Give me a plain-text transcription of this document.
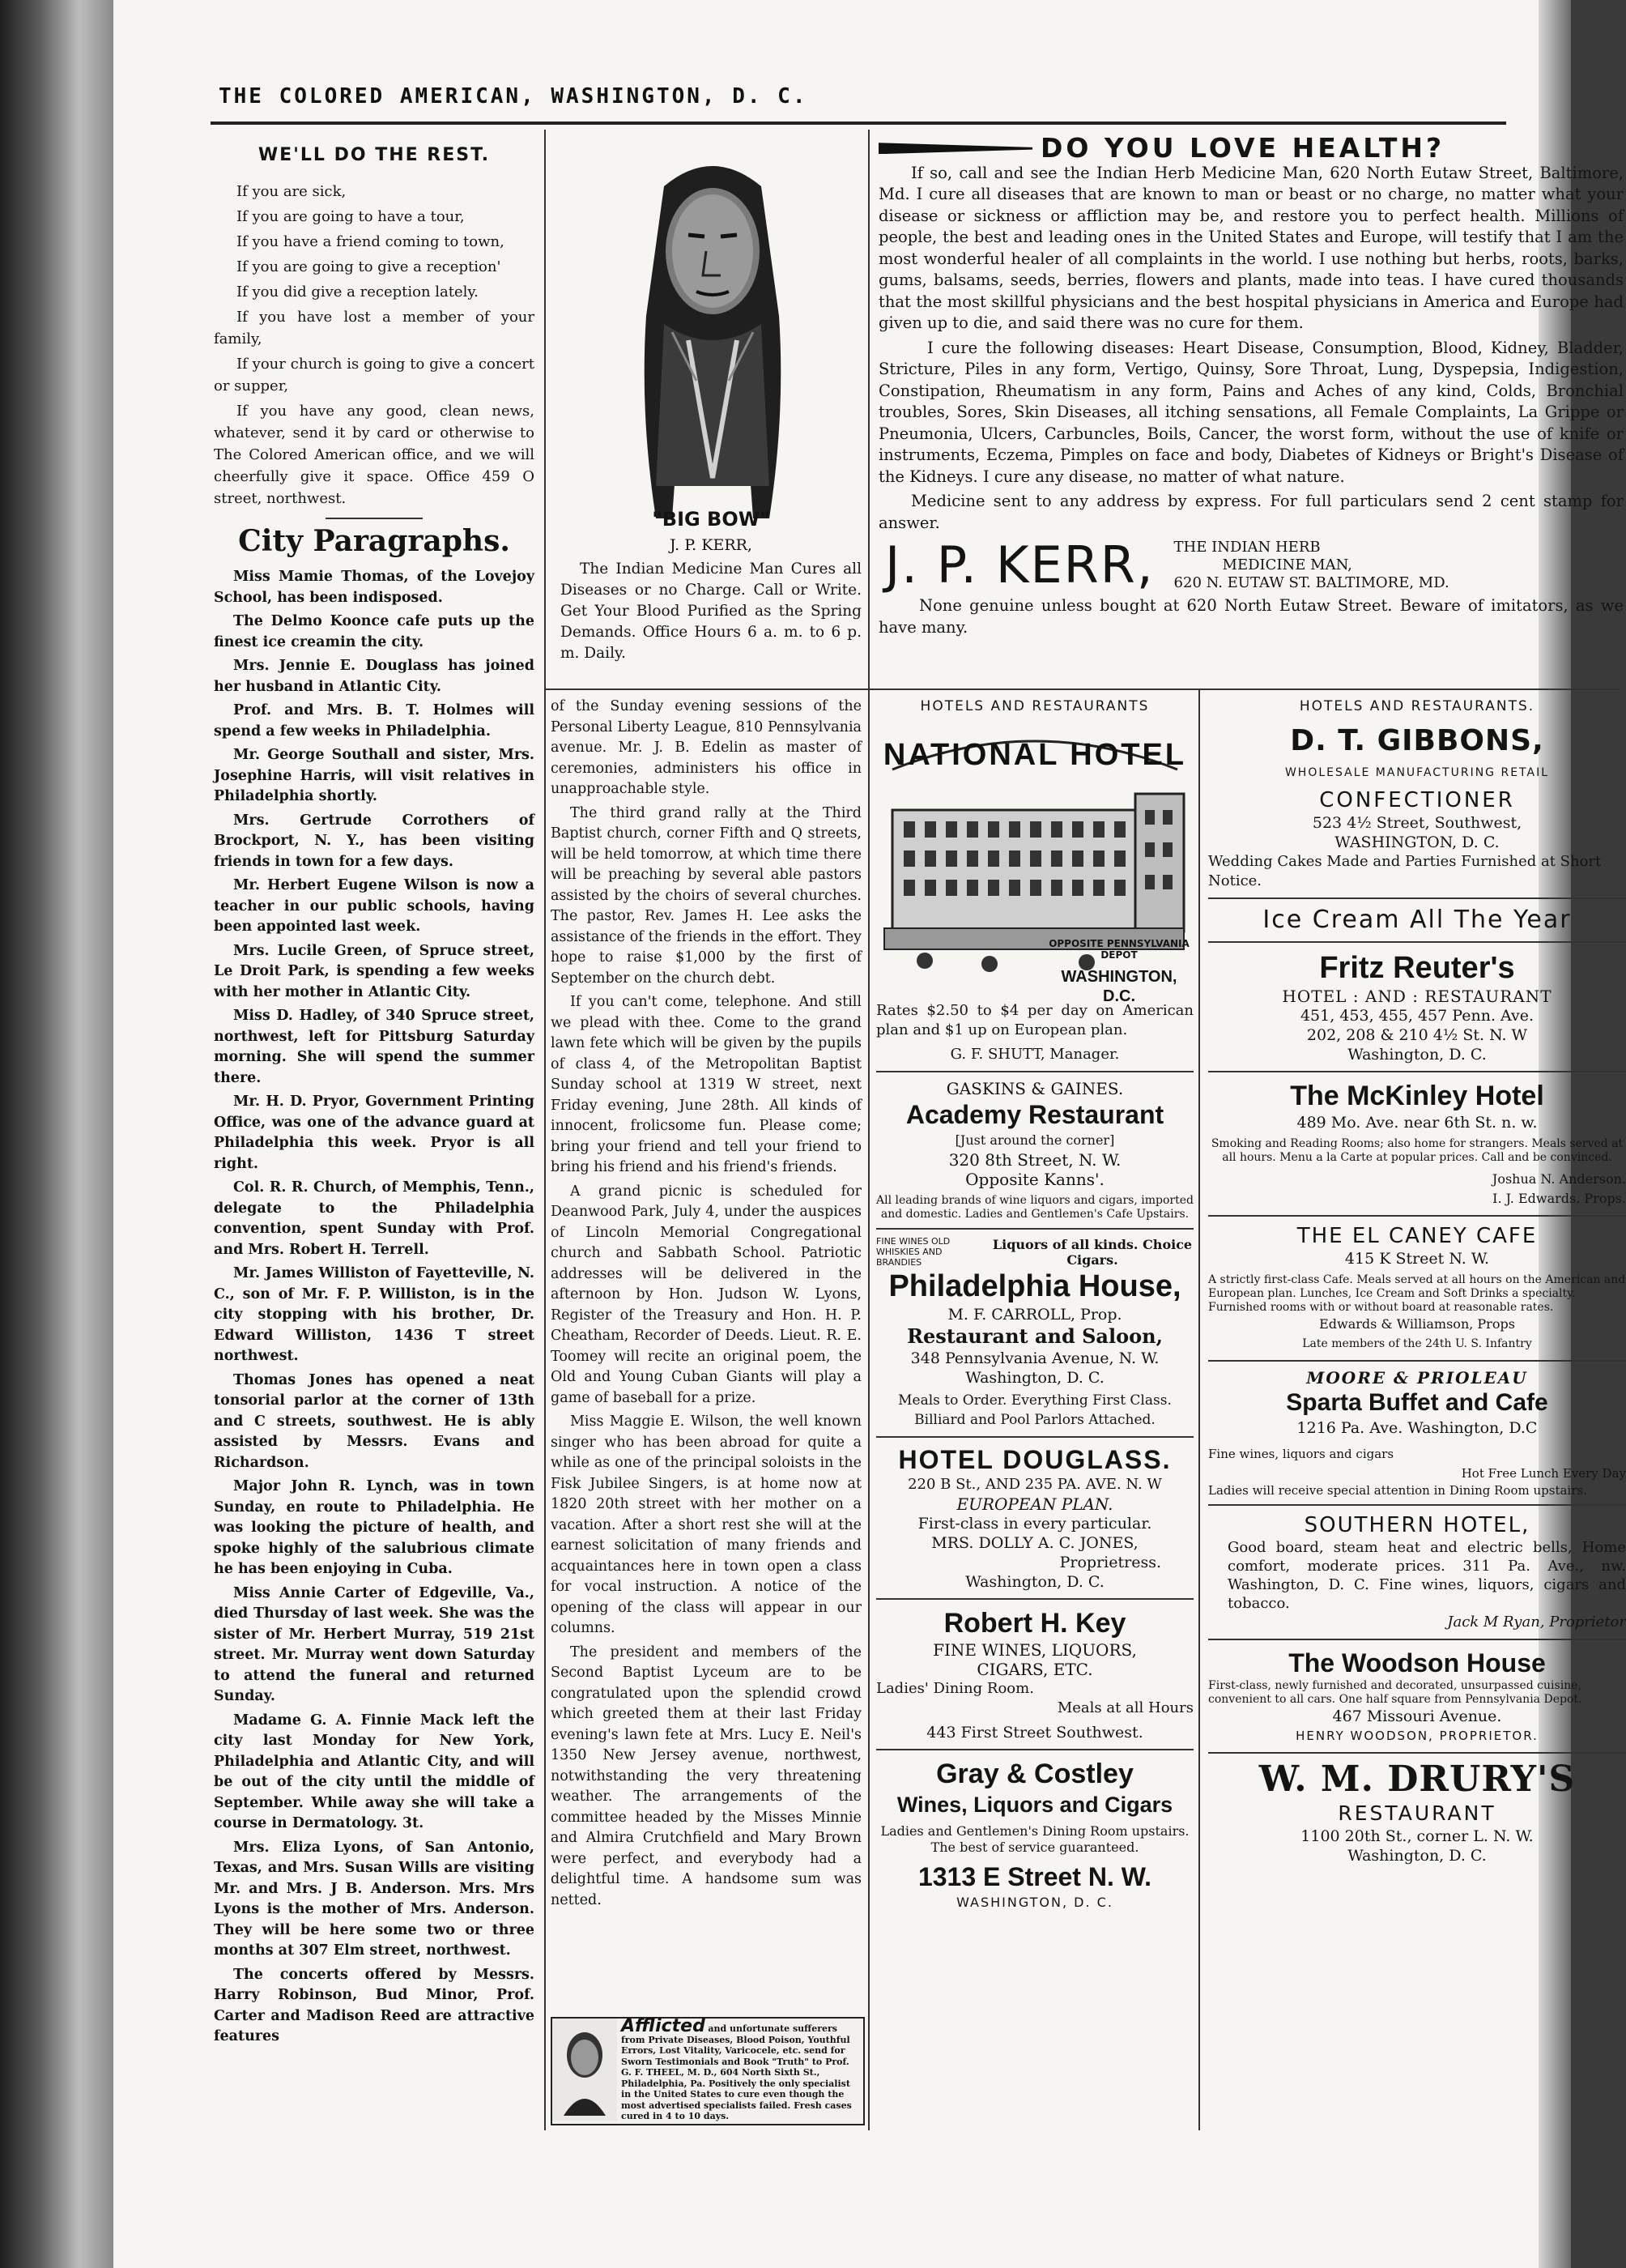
THE COLORED AMERICAN, WASHINGTON, D. C.
WE'LL DO THE REST.

If you are sick,

If you are going to have a tour,

If you have a friend coming to town,

If you are going to give a reception'

If you did give a reception lately.

If you have lost a member of your family,

If your church is going to give a concert or supper,

If you have any good, clean news, whatever, send it by card or otherwise to The Colored American office, and we will cheerfully give it space. Office 459 O street, northwest.

City Paragraphs.

Miss Mamie Thomas, of the Lovejoy School, has been indisposed.

The Delmo Koonce cafe puts up the finest ice creamin the city.

Mrs. Jennie E. Douglass has joined her husband in Atlantic City.

Prof. and Mrs. B. T. Holmes will spend a few weeks in Philadelphia.

Mr. George Southall and sister, Mrs. Josephine Harris, will visit relatives in Philadelphia shortly.

Mrs. Gertrude Corrothers of Brockport, N. Y., has been visiting friends in town for a few days.

Mr. Herbert Eugene Wilson is now a teacher in our public schools, having been appointed last week.

Mrs. Lucile Green, of Spruce street, Le Droit Park, is spending a few weeks with her mother in Atlantic City.

Miss D. Hadley, of 340 Spruce street, northwest, left for Pittsburg Saturday morning. She will spend the summer there.

Mr. H. D. Pryor, Government Printing Office, was one of the advance guard at Philadelphia this week. Pryor is all right.

Col. R. R. Church, of Memphis, Tenn., delegate to the Philadelphia convention, spent Sunday with Prof. and Mrs. Robert H. Terrell.

Mr. James Williston of Fayetteville, N. C., son of Mr. F. P. Williston, is in the city stopping with his brother, Dr. Edward Williston, 1436 T street northwest.

Thomas Jones has opened a neat tonsorial parlor at the corner of 13th and C streets, southwest. He is ably assisted by Messrs. Evans and Richardson.

Major John R. Lynch, was in town Sunday, en route to Philadelphia. He was looking the picture of health, and spoke highly of the salubrious climate he has been enjoying in Cuba.

Miss Annie Carter of Edgeville, Va., died Thursday of last week. She was the sister of Mr. Herbert Murray, 519 21st street. Mr. Murray went down Saturday to attend the funeral and returned Sunday.

Madame G. A. Finnie Mack left the city last Monday for New York, Philadelphia and Atlantic City, and will be out of the city until the middle of September. While away she will take a course in Dermatology. 3t.

Mrs. Eliza Lyons, of San Antonio, Texas, and Mrs. Susan Wills are visiting Mr. and Mrs. J B. Anderson. Mrs. Mrs Lyons is the mother of Mrs. Anderson. They will be here some two or three months at 307 Elm street, northwest.

The concerts offered by Messrs. Harry Robinson, Bud Minor, Prof. Carter and Madison Reed are attractive features

"BIG BOW"
J. P. KERR,

The Indian Medicine Man Cures all Diseases or no Charge. Call or Write. Get Your Blood Purified as the Spring Demands. Office Hours 6 a. m. to 6 p. m. Daily.

DO YOU LOVE HEALTH?

If so, call and see the Indian Herb Medicine Man, 620 North Eutaw Street, Baltimore, Md. I cure all diseases that are known to man or beast or no charge, no matter what your disease or sickness or affliction may be, and restore you to perfect health. Millions of people, the best and leading ones in the United States and Europe, will testify that I am the most wonderful healer of all complaints in the world. I use nothing but herbs, roots, barks, gums, balsams, seeds, berries, flowers and plants, made into teas. I have cured thousands that the most skillful physicians and the best hospital physicians in America and Europe had given up to die, and said there was no cure for them.

I cure the following diseases: Heart Disease, Consumption, Blood, Kidney, Bladder, Stricture, Piles in any form, Vertigo, Quinsy, Sore Throat, Lung, Dyspepsia, Indigestion, Constipation, Rheumatism in any form, Pains and Aches of any kind, Colds, Bronchial troubles, Sores, Skin Diseases, all itching sensations, all Female Complaints, La Grippe or Pneumonia, Ulcers, Carbuncles, Boils, Cancer, the worst form, without the use of knife or instruments, Eczema, Pimples on face and body, Diabetes of Kidneys or Bright's Disease of the Kidneys. I cure any disease, no matter of what nature.

Medicine sent to any address by express. For full particulars send 2 cent stamp for answer.

J. P. KERR, THE INDIAN HERB
MEDICINE MAN,
620 N. EUTAW ST. BALTIMORE, MD.

None genuine unless bought at 620 North Eutaw Street. Beware of imitators, as we have many.

of the Sunday evening sessions of the Personal Liberty League, 810 Pennsylvania avenue. Mr. J. B. Edelin as master of ceremonies, administers his office in unapproachable style.

The third grand rally at the Third Baptist church, corner Fifth and Q streets, will be held tomorrow, at which time there will be preaching by several able pastors assisted by the choirs of several churches. The pastor, Rev. James H. Lee asks the assistance of the friends in the effort. They hope to raise $1,000 by the first of September on the church debt.

If you can't come, telephone. And still we plead with thee. Come to the grand lawn fete which will be given by the pupils of class 4, of the Metropolitan Baptist Sunday school at 1319 W street, next Friday evening, June 28th. All kinds of innocent, frolicsome fun. Please come; bring your friend and tell your friend to bring his friend and his friend's friends.

A grand picnic is scheduled for Deanwood Park, July 4, under the auspices of Lincoln Memorial Congregational church and Sabbath School. Patriotic addresses will be delivered in the afternoon by Hon. Judson W. Lyons, Register of the Treasury and Hon. H. P. Cheatham, Recorder of Deeds. Lieut. R. E. Toomey will recite an original poem, the Old and Young Cuban Giants will play a game of baseball for a prize.

Miss Maggie E. Wilson, the well known singer who has been abroad for quite a while as one of the principal soloists in the Fisk Jubilee Singers, is at home now at 1820 20th street with her mother on a vacation. After a short rest she will at the earnest solicitation of many friends and acquaintances here in town open a class for vocal instruction. A notice of the opening of the class will appear in our columns.

The president and members of the Second Baptist Lyceum are to be congratulated upon the splendid crowd which greeted them at their last Friday evening's lawn fete at Mrs. Lucy E. Neil's 1350 New Jersey avenue, northwest, notwithstanding the very threatening weather. The arrangements of the committee headed by the Misses Minnie and Almira Crutchfield and Mary Brown were perfect, and everybody had a delightful time. A handsome sum was netted.

Afflicted and unfortunate sufferers from Private Diseases, Blood Poison, Youthful Errors, Lost Vitality, Varicocele, etc. send for Sworn Testimonials and Book "Truth" to Prof. G. F. THEEL, M. D., 604 North Sixth St., Philadelphia, Pa. Positively the only specialist in the United States to cure even though the most advertised specialists failed. Fresh cases cured in 4 to 10 days.
HOTELS AND RESTAURANTS
NATIONAL HOTEL
OPPOSITE PENNSYLVANIA DEPOT
WASHINGTON, D.C.

Rates $2.50 to $4 per day on American plan and $1 up on European plan.

G. F. SHUTT, Manager.
GASKINS & GAINES.
Academy Restaurant
[Just around the corner]
320 8th Street, N. W.
Opposite Kanns'.
All leading brands of wine liquors and cigars, imported and domestic. Ladies and Gentlemen's Cafe Upstairs.
FINE WINES OLD WHISKIES AND BRANDIES
Liquors of all kinds. Choice Cigars.
Philadelphia House,
M. F. CARROLL, Prop.
Restaurant and Saloon,
348 Pennsylvania Avenue, N. W.
Washington, D. C.
Meals to Order. Everything First Class.
Billiard and Pool Parlors Attached.
HOTEL DOUGLASS.
220 B St., AND 235 PA. AVE. N. W
EUROPEAN PLAN.
First-class in every particular.
MRS. DOLLY A. C. JONES,
Proprietress.
Washington, D. C.
Robert H. Key
FINE WINES, LIQUORS,
CIGARS, ETC.
Ladies' Dining Room.
Meals at all Hours
443 First Street Southwest.
Gray & Costley
Wines, Liquors and Cigars
Ladies and Gentlemen's Dining Room upstairs. The best of service guaranteed.
1313 E Street N. W.
WASHINGTON, D. C.
HOTELS AND RESTAURANTS.
D. T. GIBBONS,
WHOLESALE MANUFACTURING RETAIL
CONFECTIONER
523 4½ Street, Southwest,
WASHINGTON, D. C.
Wedding Cakes Made and Parties Furnished at Short Notice.
Ice Cream All The Year
Fritz Reuter's
HOTEL : AND : RESTAURANT
451, 453, 455, 457 Penn. Ave.
202, 208 & 210 4½ St. N. W
Washington, D. C.
The McKinley Hotel
489 Mo. Ave. near 6th St. n. w.
Smoking and Reading Rooms; also home for strangers. Meals served at all hours. Menu a la Carte at popular prices. Call and be convinced.
Joshua N. Anderson.
I. J. Edwards. Props.
THE EL CANEY CAFE
415 K Street N. W.
A strictly first-class Cafe. Meals served at all hours on the American and European plan. Lunches, Ice Cream and Soft Drinks a specialty. Furnished rooms with or without board at reasonable rates.
Edwards & Williamson, Props
Late members of the 24th U. S. Infantry
MOORE & PRIOLEAU
Sparta Buffet and Cafe
1216 Pa. Ave. Washington, D.C
Fine wines, liquors and cigars
Hot Free Lunch Every Day
Ladies will receive special attention in Dining Room upstairs.
SOUTHERN HOTEL,
Good board, steam heat and electric bells, Home comfort, moderate prices. 311 Pa. Ave., nw. Washington, D. C. Fine wines, liquors, cigars and tobacco.
Jack M Ryan, Proprietor
The Woodson House
First-class, newly furnished and decorated, unsurpassed cuisine, convenient to all cars. One half square from Pennsylvania Depot.
467 Missouri Avenue.
HENRY WOODSON, PROPRIETOR.
W. M. DRURY'S
RESTAURANT
1100 20th St., corner L. N. W.
Washington, D. C.
